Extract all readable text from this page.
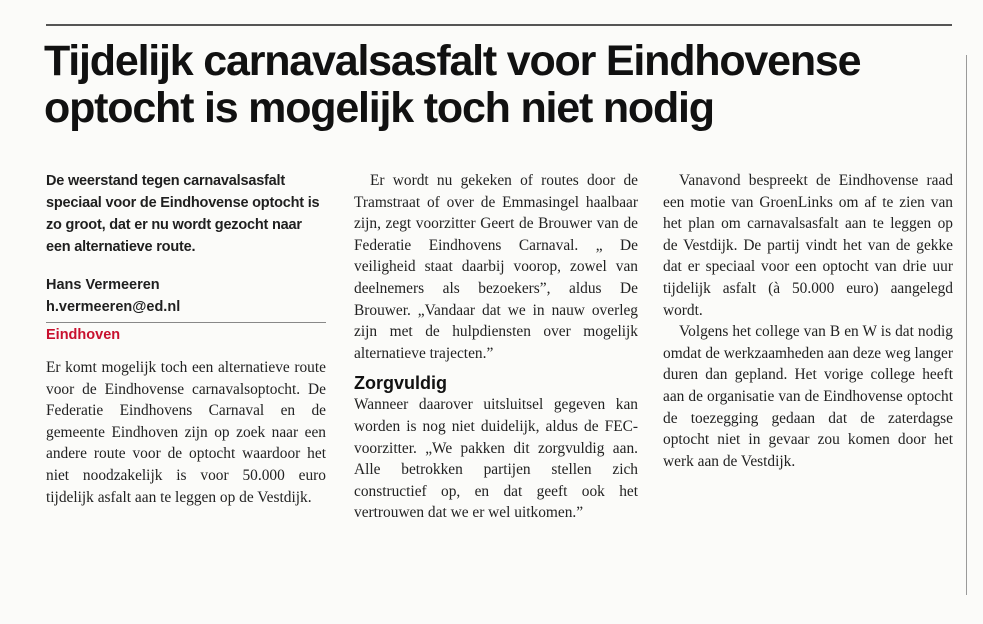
Tijdelijk carnavalsasfalt voor Eindhovense optocht is mogelijk toch niet nodig

De weerstand tegen carnavalsasfalt speciaal voor de Eindhovense optocht is zo groot, dat er nu wordt gezocht naar een alternatieve route.

Hans Vermeeren

h.vermeeren@ed.nl

Eindhoven

Er komt mogelijk toch een alternatieve route voor de Eindhovense carnavalsoptocht. De Federatie Eindhovens Carnaval en de gemeente Eindhoven zijn op zoek naar een andere route voor de optocht waardoor het niet noodzakelijk is voor 50.000 euro tijdelijk asfalt aan te leggen op de Vestdijk.

Er wordt nu gekeken of routes door de Tramstraat of over de Emmasingel haalbaar zijn, zegt voorzitter Geert de Brouwer van de Federatie Eindhovens Carnaval. „ De veiligheid staat daarbij voorop, zowel van deelnemers als bezoekers”, aldus De Brouwer. „Vandaar dat we in nauw overleg zijn met de hulpdiensten over mogelijk alternatieve trajecten.”

Zorgvuldig

Wanneer daarover uitsluitsel gegeven kan worden is nog niet duidelijk, aldus de FEC-voorzitter. „We pakken dit zorgvuldig aan. Alle betrokken partijen stellen zich constructief op, en dat geeft ook het vertrouwen dat we er wel uitkomen.”

Vanavond bespreekt de Eindhovense raad een motie van GroenLinks om af te zien van het plan om carnavalsasfalt aan te leggen op de Vestdijk. De partij vindt het van de gekke dat er speciaal voor een optocht van drie uur tijdelijk asfalt (à 50.000 euro) aangelegd wordt.

Volgens het college van B en W is dat nodig omdat de werkzaamheden aan deze weg langer duren dan gepland. Het vorige college heeft aan de organisatie van de Eindhovense optocht de toezegging gedaan dat de zaterdagse optocht niet in gevaar zou komen door het werk aan de Vestdijk.
